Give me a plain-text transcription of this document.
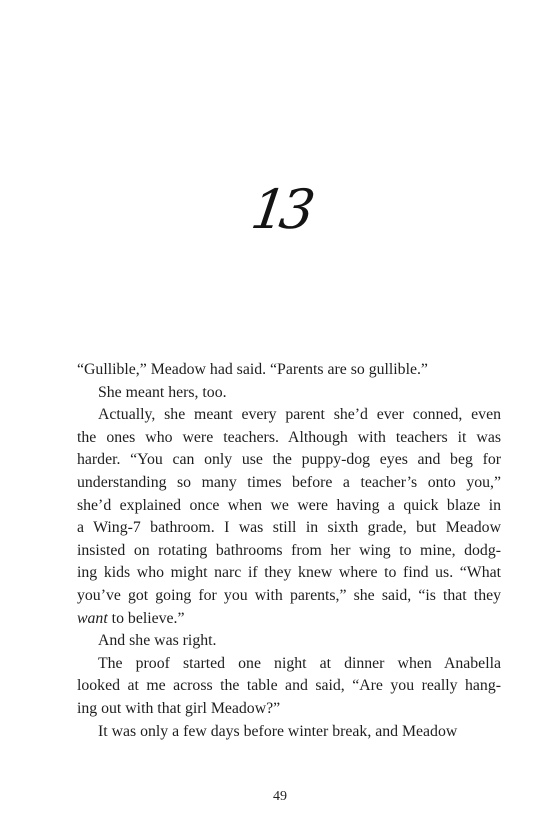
13

“Gullible,” Meadow had said. “Parents are so gullible.”

She meant hers, too.

Actually, she meant every parent she’d ever conned, even
the ones who were teachers. Although with teachers it was
harder. “You can only use the puppy-dog eyes and beg for
understanding so many times before a teacher’s onto you,”
she’d explained once when we were having a quick blaze in
a Wing-7 bathroom. I was still in sixth grade, but Meadow
insisted on rotating bathrooms from her wing to mine, dodg-
ing kids who might narc if they knew where to find us. “What
you’ve got going for you with parents,” she said, “is that they
want to believe.”

And she was right.

The proof started one night at dinner when Anabella
looked at me across the table and said, “Are you really hang-
ing out with that girl Meadow?”

It was only a few days before winter break, and Meadow

49
